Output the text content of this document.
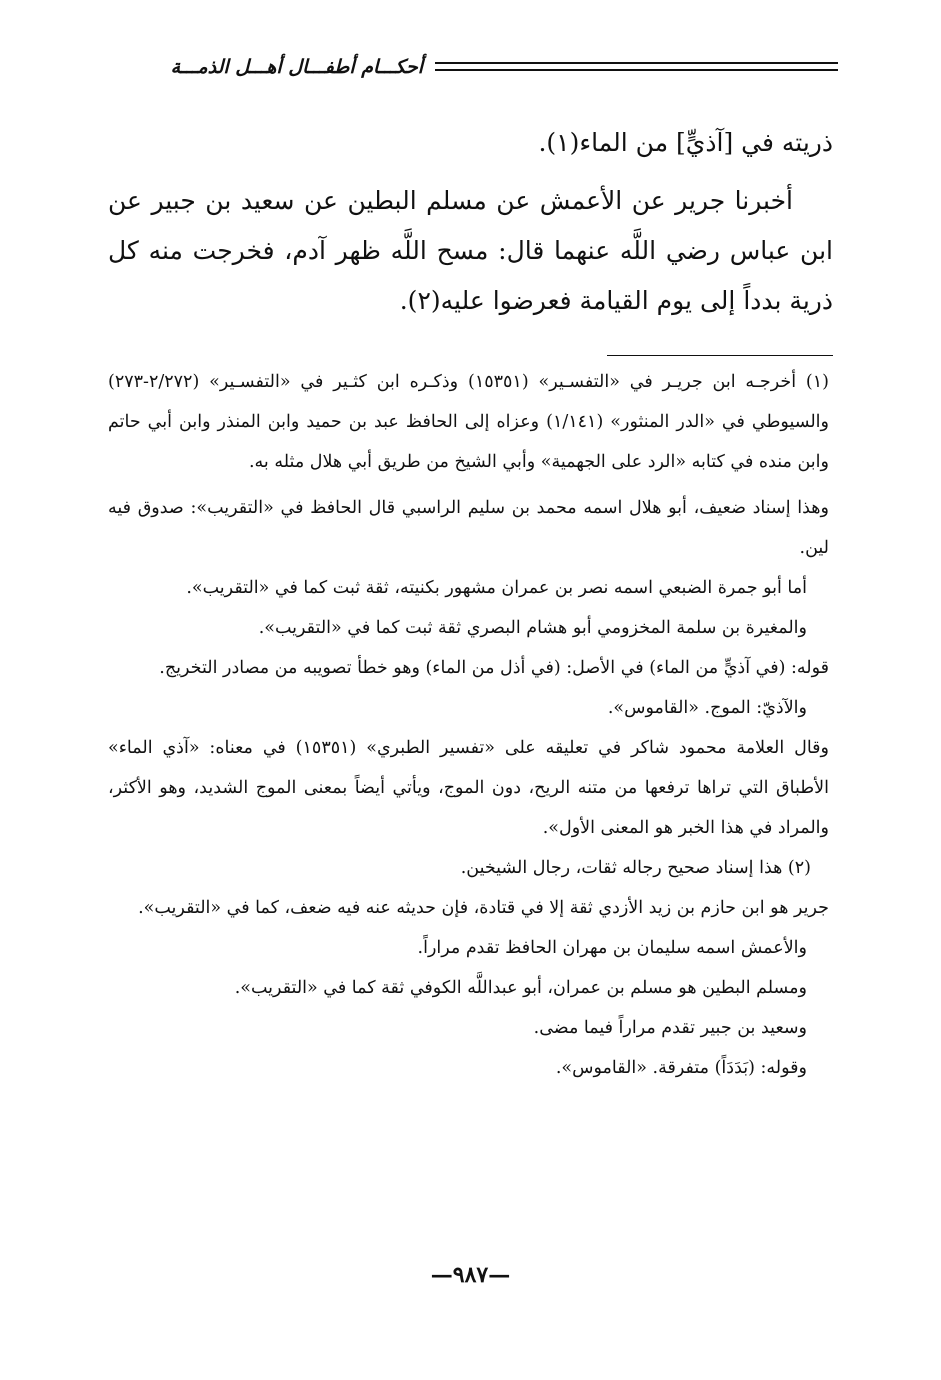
أحكـــام أطفـــال أهـــل الذمـــة

ذريته في [آذيٍّ] من الماء(١).

أخبرنا جرير عن الأعمش عن مسلم البطين عن سعيد بن جبير عن ابن عباس رضي اللَّه عنهما قال: مسح اللَّه ظهر آدم، فخرجت منه كل ذرية بدداً إلى يوم القيامة فعرضوا عليه(٢).

(١) أخرجـه ابن جريـر في «التفسـير» (١٥٣٥١) وذكـره ابن كثـير في «التفسـير» (٢/٢٧٢-٢٧٣) والسيوطي في «الدر المنثور» (١/١٤١) وعزاه إلى الحافظ عبد بن حميد وابن المنذر وابن أبي حاتم وابن منده في كتابه «الرد على الجهمية» وأبي الشيخ من طريق أبي هلال مثله به.

وهذا إسناد ضعيف، أبو هلال اسمه محمد بن سليم الراسبي قال الحافظ في «التقريب»: صدوق فيه لين.

أما أبو جمرة الضبعي اسمه نصر بن عمران مشهور بكنيته، ثقة ثبت كما في «التقريب».

والمغيرة بن سلمة المخزومي أبو هشام البصري ثقة ثبت كما في «التقريب».

قوله: (في آذيٍّ من الماء) في الأصل: (في أذل من الماء) وهو خطأ تصويبه من مصادر التخريج.

والآذيّ: الموج. «القاموس».

وقال العلامة محمود شاكر في تعليقه على «تفسير الطبري» (١٥٣٥١) في معناه: «آذي الماء» الأطباق التي تراها ترفعها من متنه الريح، دون الموج، ويأتي أيضاً بمعنى الموج الشديد، وهو الأكثر، والمراد في هذا الخبر هو المعنى الأول».

(٢) هذا إسناد صحيح رجاله ثقات، رجال الشيخين.

جرير هو ابن حازم بن زيد الأزدي ثقة إلا في قتادة، فإن حديثه عنه فيه ضعف، كما في «التقريب».

والأعمش اسمه سليمان بن مهران الحافظ تقدم مراراً.

ومسلم البطين هو مسلم بن عمران، أبو عبداللَّه الكوفي ثقة كما في «التقريب».

وسعيد بن جبير تقدم مراراً فيما مضى.

وقوله: (بَدَدَاً) متفرقة. «القاموس».

—٩٨٧—
